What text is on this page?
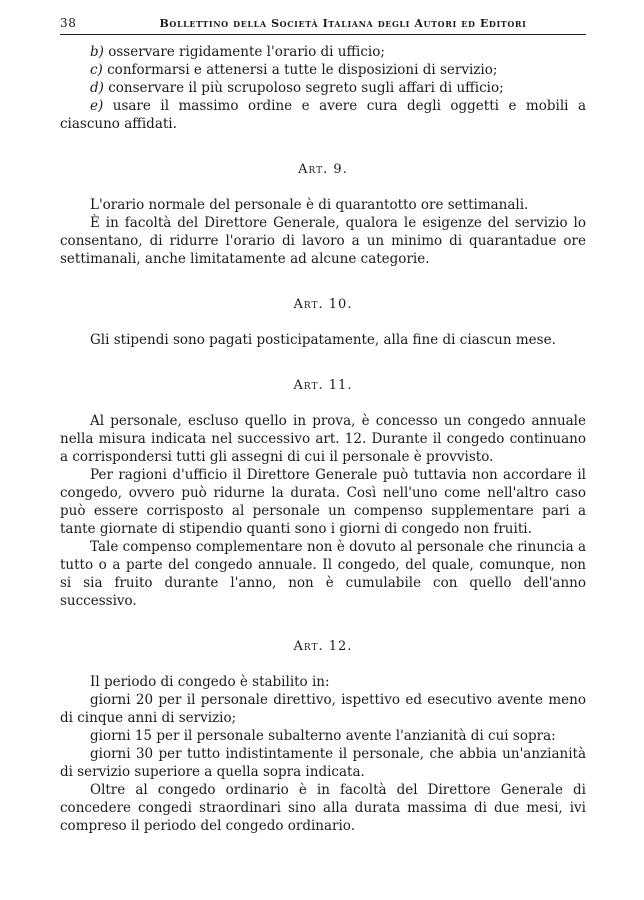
38	Bollettino della Società Italiana degli Autori ed Editori

b) osservare rigidamente l'orario di ufficio;

c) conformarsi e attenersi a tutte le disposizioni di servizio;

d) conservare il più scrupoloso segreto sugli affari di ufficio;

e) usare il massimo ordine e avere cura degli oggetti e mobili a ciascuno affidati.

Art. 9.

L'orario normale del personale è di quarantotto ore settimanali.

È in facoltà del Direttore Generale, qualora le esigenze del servizio lo consentano, di ridurre l'orario di lavoro a un minimo di quarantadue ore settimanali, anche limitatamente ad alcune categorie.

Art. 10.

Gli stipendi sono pagati posticipatamente, alla fine di ciascun mese.

Art. 11.

Al personale, escluso quello in prova, è concesso un congedo annuale nella misura indicata nel successivo art. 12. Durante il congedo continuano a corrispondersi tutti gli assegni di cui il personale è provvisto.

Per ragioni d'ufficio il Direttore Generale può tuttavia non accordare il congedo, ovvero può ridurne la durata. Così nell'uno come nell'altro caso può essere corrisposto al personale un compenso supplementare pari a tante giornate di stipendio quanti sono i giorni di congedo non fruiti.

Tale compenso complementare non è dovuto al personale che rinuncia a tutto o a parte del congedo annuale. Il congedo, del quale, comunque, non si sia fruito durante l'anno, non è cumulabile con quello dell'anno successivo.

Art. 12.

Il periodo di congedo è stabilito in:

giorni 20 per il personale direttivo, ispettivo ed esecutivo avente meno di cinque anni di servizio;

giorni 15 per il personale subalterno avente l'anzianità di cui sopra:

giorni 30 per tutto indistintamente il personale, che abbia un'anzianità di servizio superiore a quella sopra indicata.

Oltre al congedo ordinario è in facoltà del Direttore Generale di concedere congedi straordinari sino alla durata massima di due mesi, ivi compreso il periodo del congedo ordinario.
